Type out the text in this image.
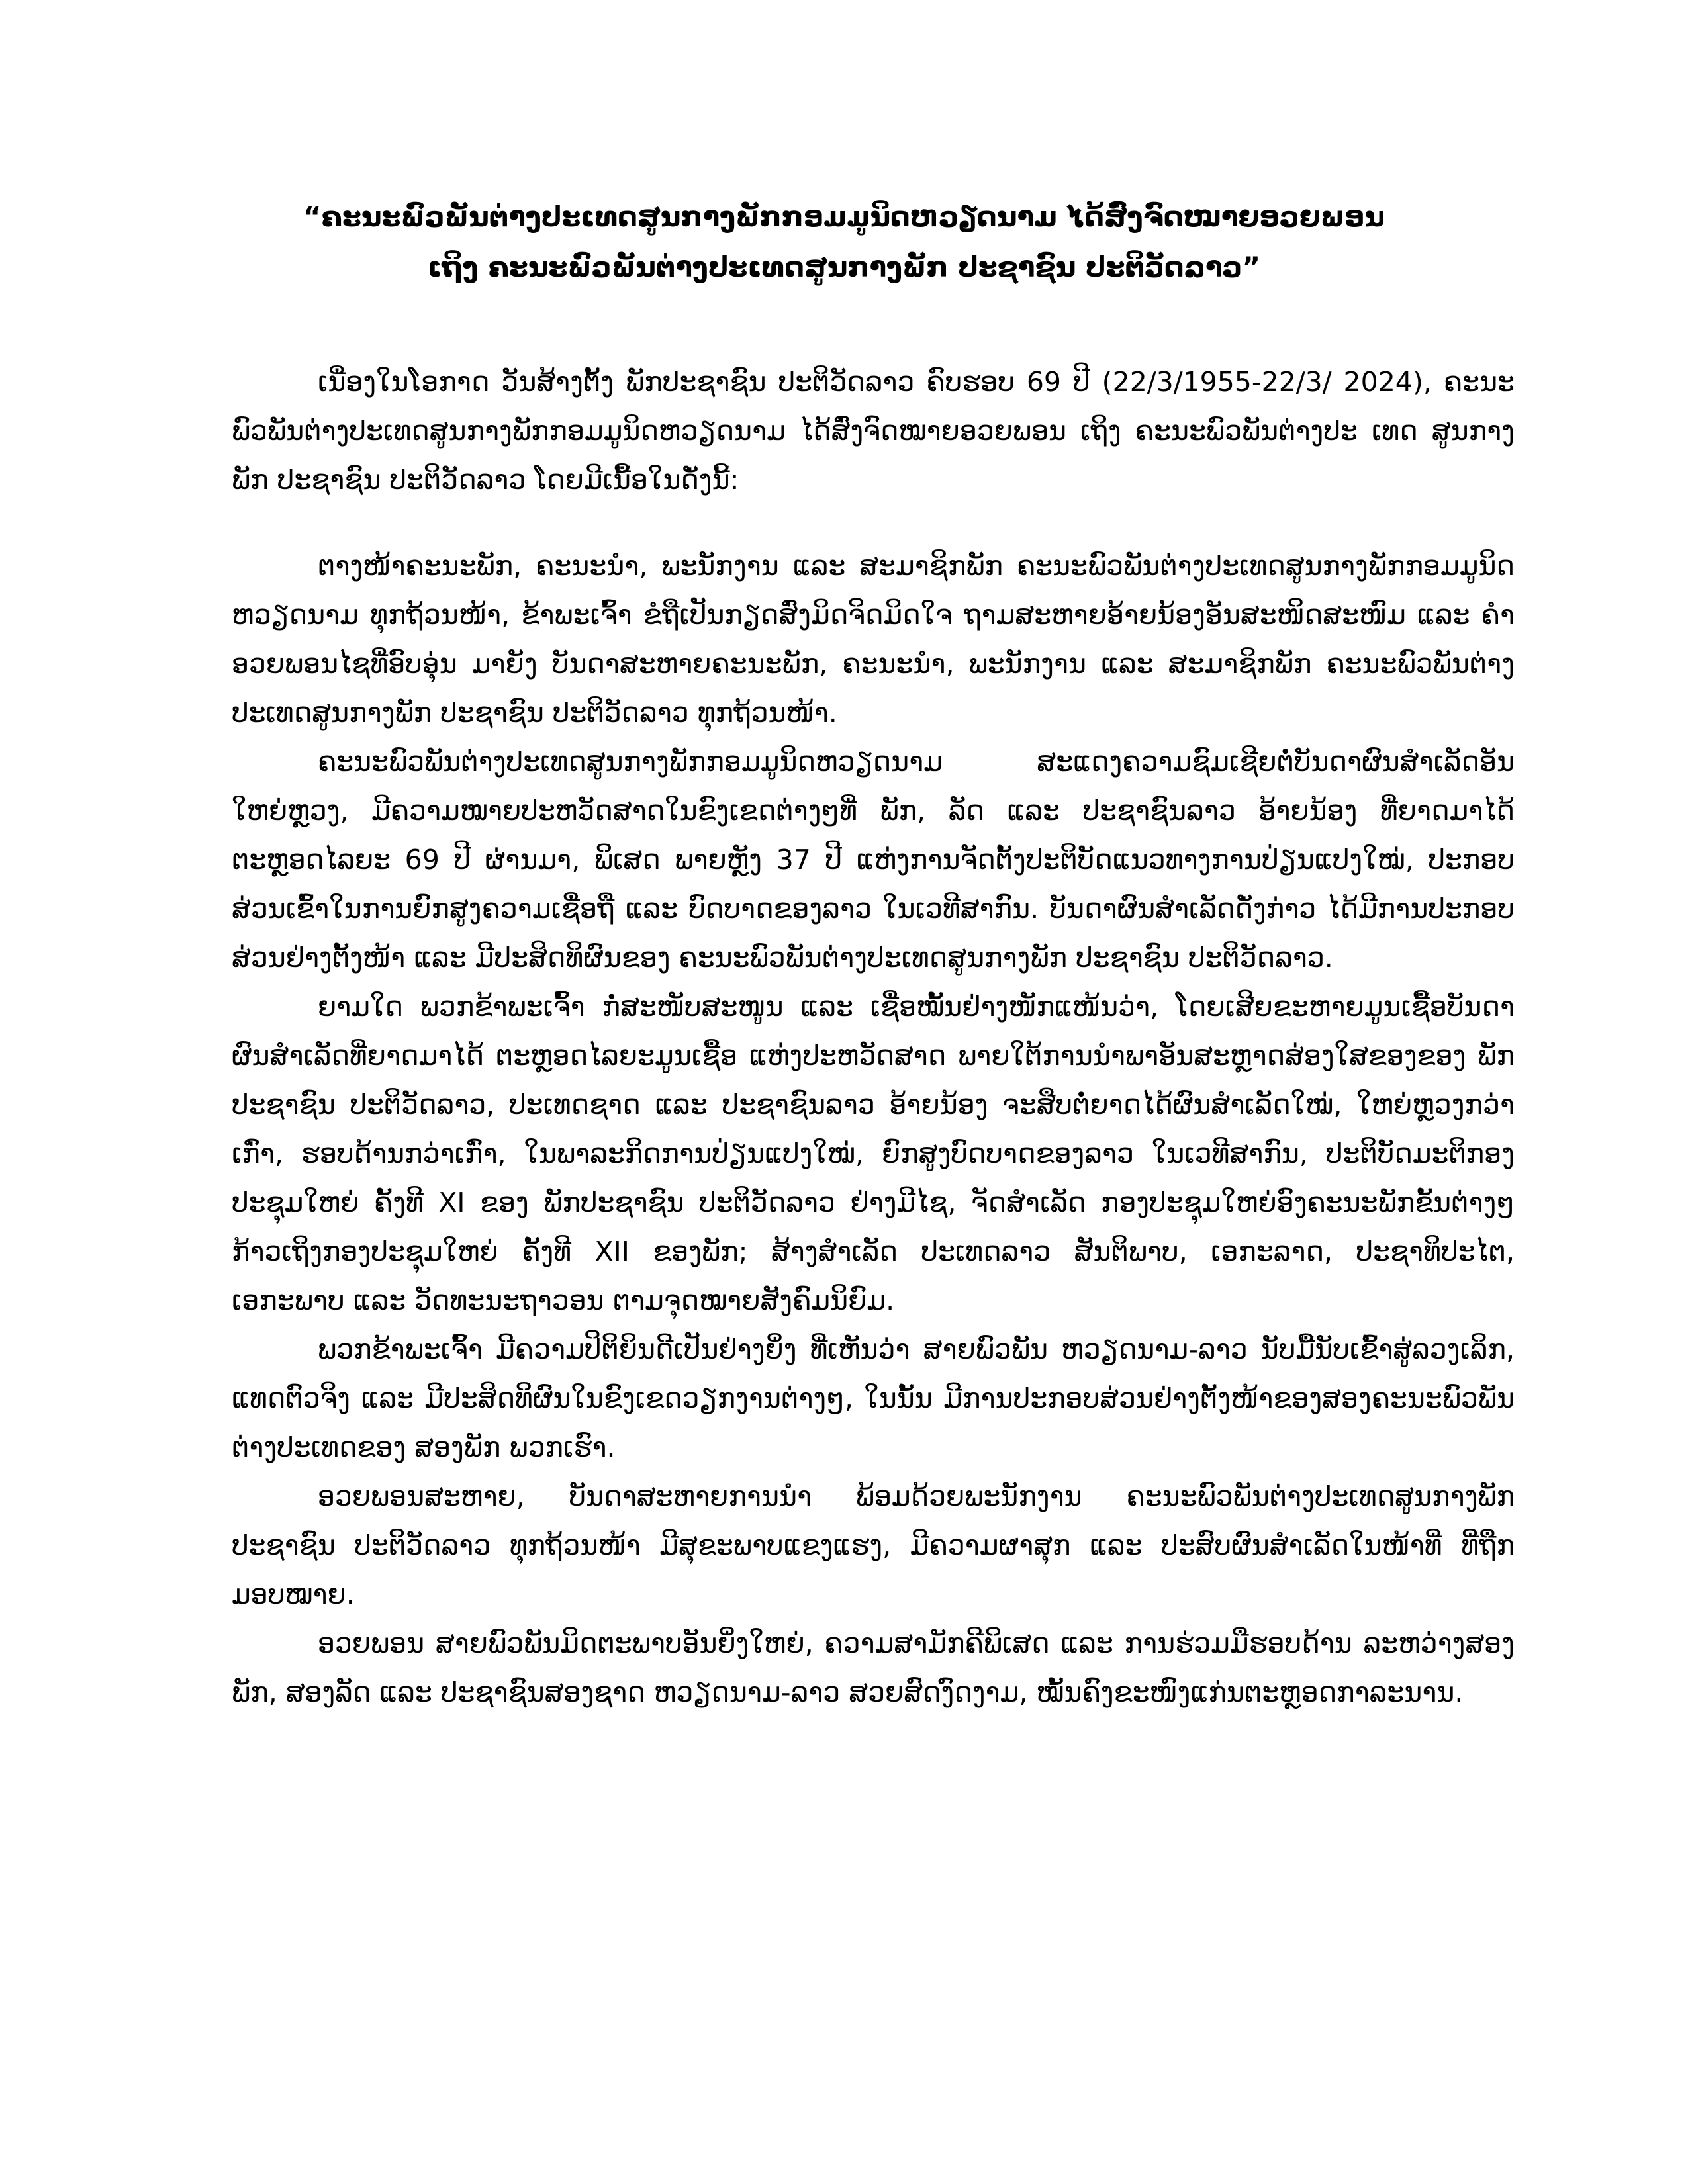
“ຄະນະພົວພັນຕ່າງປະເທດສູນກາງພັກກອມມູນິດຫວຽດນາມ ໄດ້ສົ່ງຈົດໝາຍອວຍພອນ
ເຖິງ ຄະນະພົວພັນຕ່າງປະເທດສູນກາງພັກ ປະຊາຊົນ ປະຕິວັດລາວ”

ເນື່ອງໃນໂອກາດ ວັນສ້າງຕັ້ງ ພັກປະຊາຊົນ ປະຕິວັດລາວ ຄົບຮອບ 69 ປີ (22/3/1955-22/3/ 2024), ຄະນະພົວພັນຕ່າງປະເທດສູນກາງພັກກອມມູນິດຫວຽດນາມ ໄດ້ສົ່ງຈົດໝາຍອວຍພອນ ເຖິງ ຄະນະພົວພັນຕ່າງປະ ເທດ ສູນກາງພັກ ປະຊາຊົນ ປະຕິວັດລາວ ໂດຍມີເນື້ອໃນດັ່ງນີ້:

ຕາງໜ້າຄະນະພັກ, ຄະນະນຳ, ພະນັກງານ ແລະ ສະມາຊິກພັກ ຄະນະພົວພັນຕ່າງປະເທດສູນກາງພັກກອມມູນິດຫວຽດນາມ ທຸກຖ້ວນໜ້າ, ຂ້າພະເຈົ້າ ຂໍຖືເປັນກຽດສົ່ງມິດຈິດມິດໃຈ ຖາມສະຫາຍອ້າຍນ້ອງອັນສະໜິດສະໜົມ ແລະ ຄຳອວຍພອນໄຊທີ່ອົບອຸ່ນ ມາຍັງ ບັນດາສະຫາຍຄະນະພັກ, ຄະນະນຳ, ພະນັກງານ ແລະ ສະມາຊິກພັກ ຄະນະພົວພັນຕ່າງປະເທດສູນກາງພັກ ປະຊາຊົນ ປະຕິວັດລາວ ທຸກຖ້ວນໜ້າ.

ຄະນະພົວພັນຕ່າງປະເທດສູນກາງພັກກອມມູນິດຫວຽດນາມ ສະແດງຄວາມຊົມເຊີຍຕໍ່ບັນດາຜົນສຳເລັດອັນໃຫຍ່ຫຼວງ, ມີຄວາມໝາຍປະຫວັດສາດໃນຂົງເຂດຕ່າງໆທີ່ ພັກ, ລັດ ແລະ ປະຊາຊົນລາວ ອ້າຍນ້ອງ ທີ່ຍາດມາໄດ້ ຕະຫຼອດໄລຍະ 69 ປີ ຜ່ານມາ, ພິເສດ ພາຍຫຼັງ 37 ປີ ແຫ່ງການຈັດຕັ້ງປະຕິບັດແນວທາງການປ່ຽນແປງໃໝ່, ປະກອບສ່ວນເຂົ້າໃນການຍົກສູງຄວາມເຊື່ອຖື ແລະ ບົດບາດຂອງລາວ ໃນເວທີສາກົນ. ບັນດາຜົນສຳເລັດດັ່ງກ່າວ ໄດ້ມີການປະກອບສ່ວນຢ່າງຕັ້ງໜ້າ ແລະ ມີປະສິດທິຜົນຂອງ ຄະນະພົວພັນຕ່າງປະເທດສູນກາງພັກ ປະຊາຊົນ ປະຕິວັດລາວ.

ຍາມໃດ ພວກຂ້າພະເຈົ້າ ກໍ່ສະໜັບສະໜູນ ແລະ ເຊື່ອໝັ້ນຢ່າງໜັກແໜ້ນວ່າ, ໂດຍເສີຍຂະຫາຍມູນເຊື້ອບັນດາຜົນສຳເລັດທີ່ຍາດມາໄດ້ ຕະຫຼອດໄລຍະມູນເຊື້ອ ແຫ່ງປະຫວັດສາດ ພາຍໃຕ້ການນຳພາອັນສະຫຼາດສ່ອງໃສຂອງຂອງ ພັກປະຊາຊົນ ປະຕິວັດລາວ, ປະເທດຊາດ ແລະ ປະຊາຊົນລາວ ອ້າຍນ້ອງ ຈະສືບຕໍ່ຍາດໄດ້ຜົນສຳເລັດໃໝ່, ໃຫຍ່ຫຼວງກວ່າເກົ່າ, ຮອບດ້ານກວ່າເກົ່າ, ໃນພາລະກິດການປ່ຽນແປງໃໝ່, ຍົກສູງບົດບາດຂອງລາວ ໃນເວທີສາກົນ, ປະຕິບັດມະຕິກອງປະຊຸມໃຫຍ່ ຄັ້ງທີ XI ຂອງ ພັກປະຊາຊົນ ປະຕິວັດລາວ ຢ່າງມີໄຊ, ຈັດສຳເລັດ ກອງປະຊຸມໃຫຍ່ອົງຄະນະພັກຂັ້ນຕ່າງໆ ກ້າວເຖິງກອງປະຊຸມໃຫຍ່ ຄັ້ງທີ XII ຂອງພັກ; ສ້າງສຳເລັດ ປະເທດລາວ ສັນຕິພາບ, ເອກະລາດ, ປະຊາທິປະໄຕ, ເອກະພາບ ແລະ ວັດທະນະຖາວອນ ຕາມຈຸດໝາຍສັງຄົມນິຍົມ.

ພວກຂ້າພະເຈົ້າ ມີຄວາມປິຕິຍິນດີເປັນຢ່າງຍິ່ງ ທີ່ເຫັນວ່າ ສາຍພົວພັນ ຫວຽດນາມ-ລາວ ນັບມື້ນັບເຂົ້າສູ່ລວງເລິກ, ແທດຕົວຈິງ ແລະ ມີປະສິດທິຜົນໃນຂົງເຂດວຽກງານຕ່າງໆ, ໃນນັ້ນ ມີການປະກອບສ່ວນຢ່າງຕັ້ງໜ້າຂອງສອງຄະນະພົວພັນຕ່າງປະເທດຂອງ ສອງພັກ ພວກເຮົາ.

ອວຍພອນສະຫາຍ, ບັນດາສະຫາຍການນຳ ພ້ອມດ້ວຍພະນັກງານ ຄະນະພົວພັນຕ່າງປະເທດສູນກາງພັກ ປະຊາຊົນ ປະຕິວັດລາວ ທຸກຖ້ວນໜ້າ ມີສຸຂະພາບແຂງແຮງ, ມີຄວາມຜາສຸກ ແລະ ປະສົບຜົນສຳເລັດໃນໜ້າທີ່ ທີ່ຖືກມອບໝາຍ.

ອວຍພອນ ສາຍພົວພັນມິດຕະພາບອັນຍິ່ງໃຫຍ່, ຄວາມສາມັກຄີພິເສດ ແລະ ການຮ່ວມມືຮອບດ້ານ ລະຫວ່າງສອງພັກ, ສອງລັດ ແລະ ປະຊາຊົນສອງຊາດ ຫວຽດນາມ-ລາວ ສວຍສົດງົດງາມ, ໝັ້ນຄົງຂະໜົງແກ່ນຕະຫຼອດກາລະນານ.
